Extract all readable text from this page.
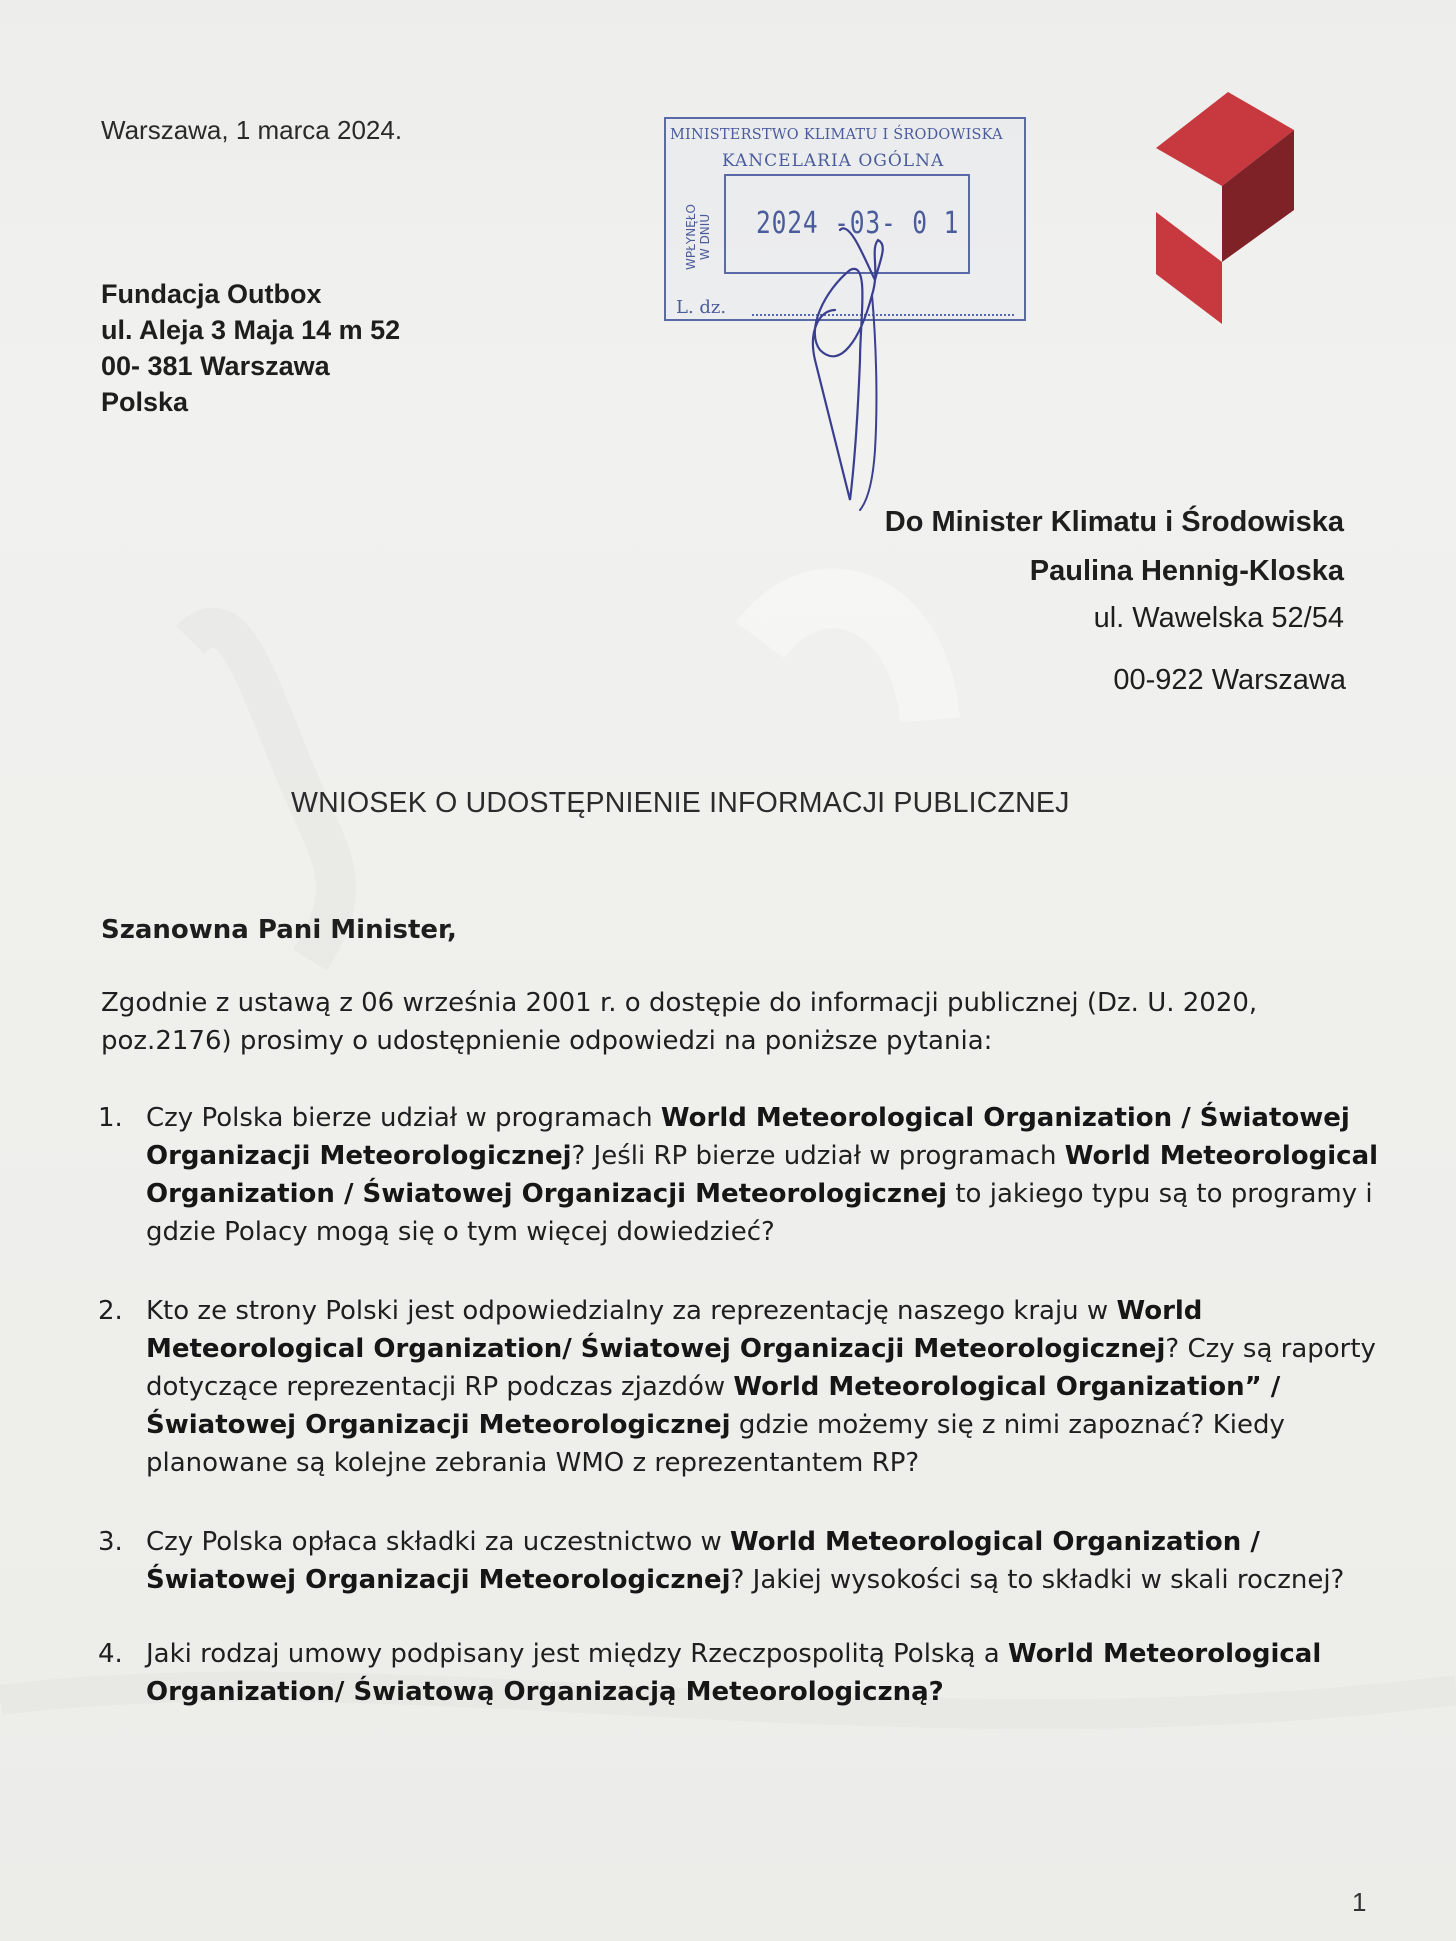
Warszawa, 1 marca 2024.
Fundacja Outbox
ul. Aleja 3 Maja 14 m 52
00- 381 Warszawa
Polska
MINISTERSTWO KLIMATU I ŚRODOWISKA
KANCELARIA OGÓLNA
WPŁYNĘŁO W DNIU 2024 -03- 0 1
L. dz.
Do Minister Klimatu i Środowiska
Paulina Hennig-Kloska
ul. Wawelska 52/54
00-922 Warszawa
WNIOSEK O UDOSTĘPNIENIE INFORMACJI PUBLICZNEJ
Szanowna Pani Minister,
Zgodnie z ustawą z 06 września 2001 r. o dostępie do informacji publicznej (Dz. U. 2020,
poz.2176) prosimy o udostępnienie odpowiedzi na poniższe pytania:
1. Czy Polska bierze udział w programach World Meteorological Organization / Światowej
Organizacji Meteorologicznej? Jeśli RP bierze udział w programach World Meteorological
Organization / Światowej Organizacji Meteorologicznej to jakiego typu są to programy i
gdzie Polacy mogą się o tym więcej dowiedzieć?
2. Kto ze strony Polski jest odpowiedzialny za reprezentację naszego kraju w World
Meteorological Organization/ Światowej Organizacji Meteorologicznej? Czy są raporty
dotyczące reprezentacji RP podczas zjazdów World Meteorological Organization” /
Światowej Organizacji Meteorologicznej gdzie możemy się z nimi zapoznać? Kiedy
planowane są kolejne zebrania WMO z reprezentantem RP?
3. Czy Polska opłaca składki za uczestnictwo w World Meteorological Organization /
Światowej Organizacji Meteorologicznej? Jakiej wysokości są to składki w skali rocznej?
4. Jaki rodzaj umowy podpisany jest między Rzeczpospolitą Polską a World Meteorological
Organization/ Światową Organizacją Meteorologiczną?
1
